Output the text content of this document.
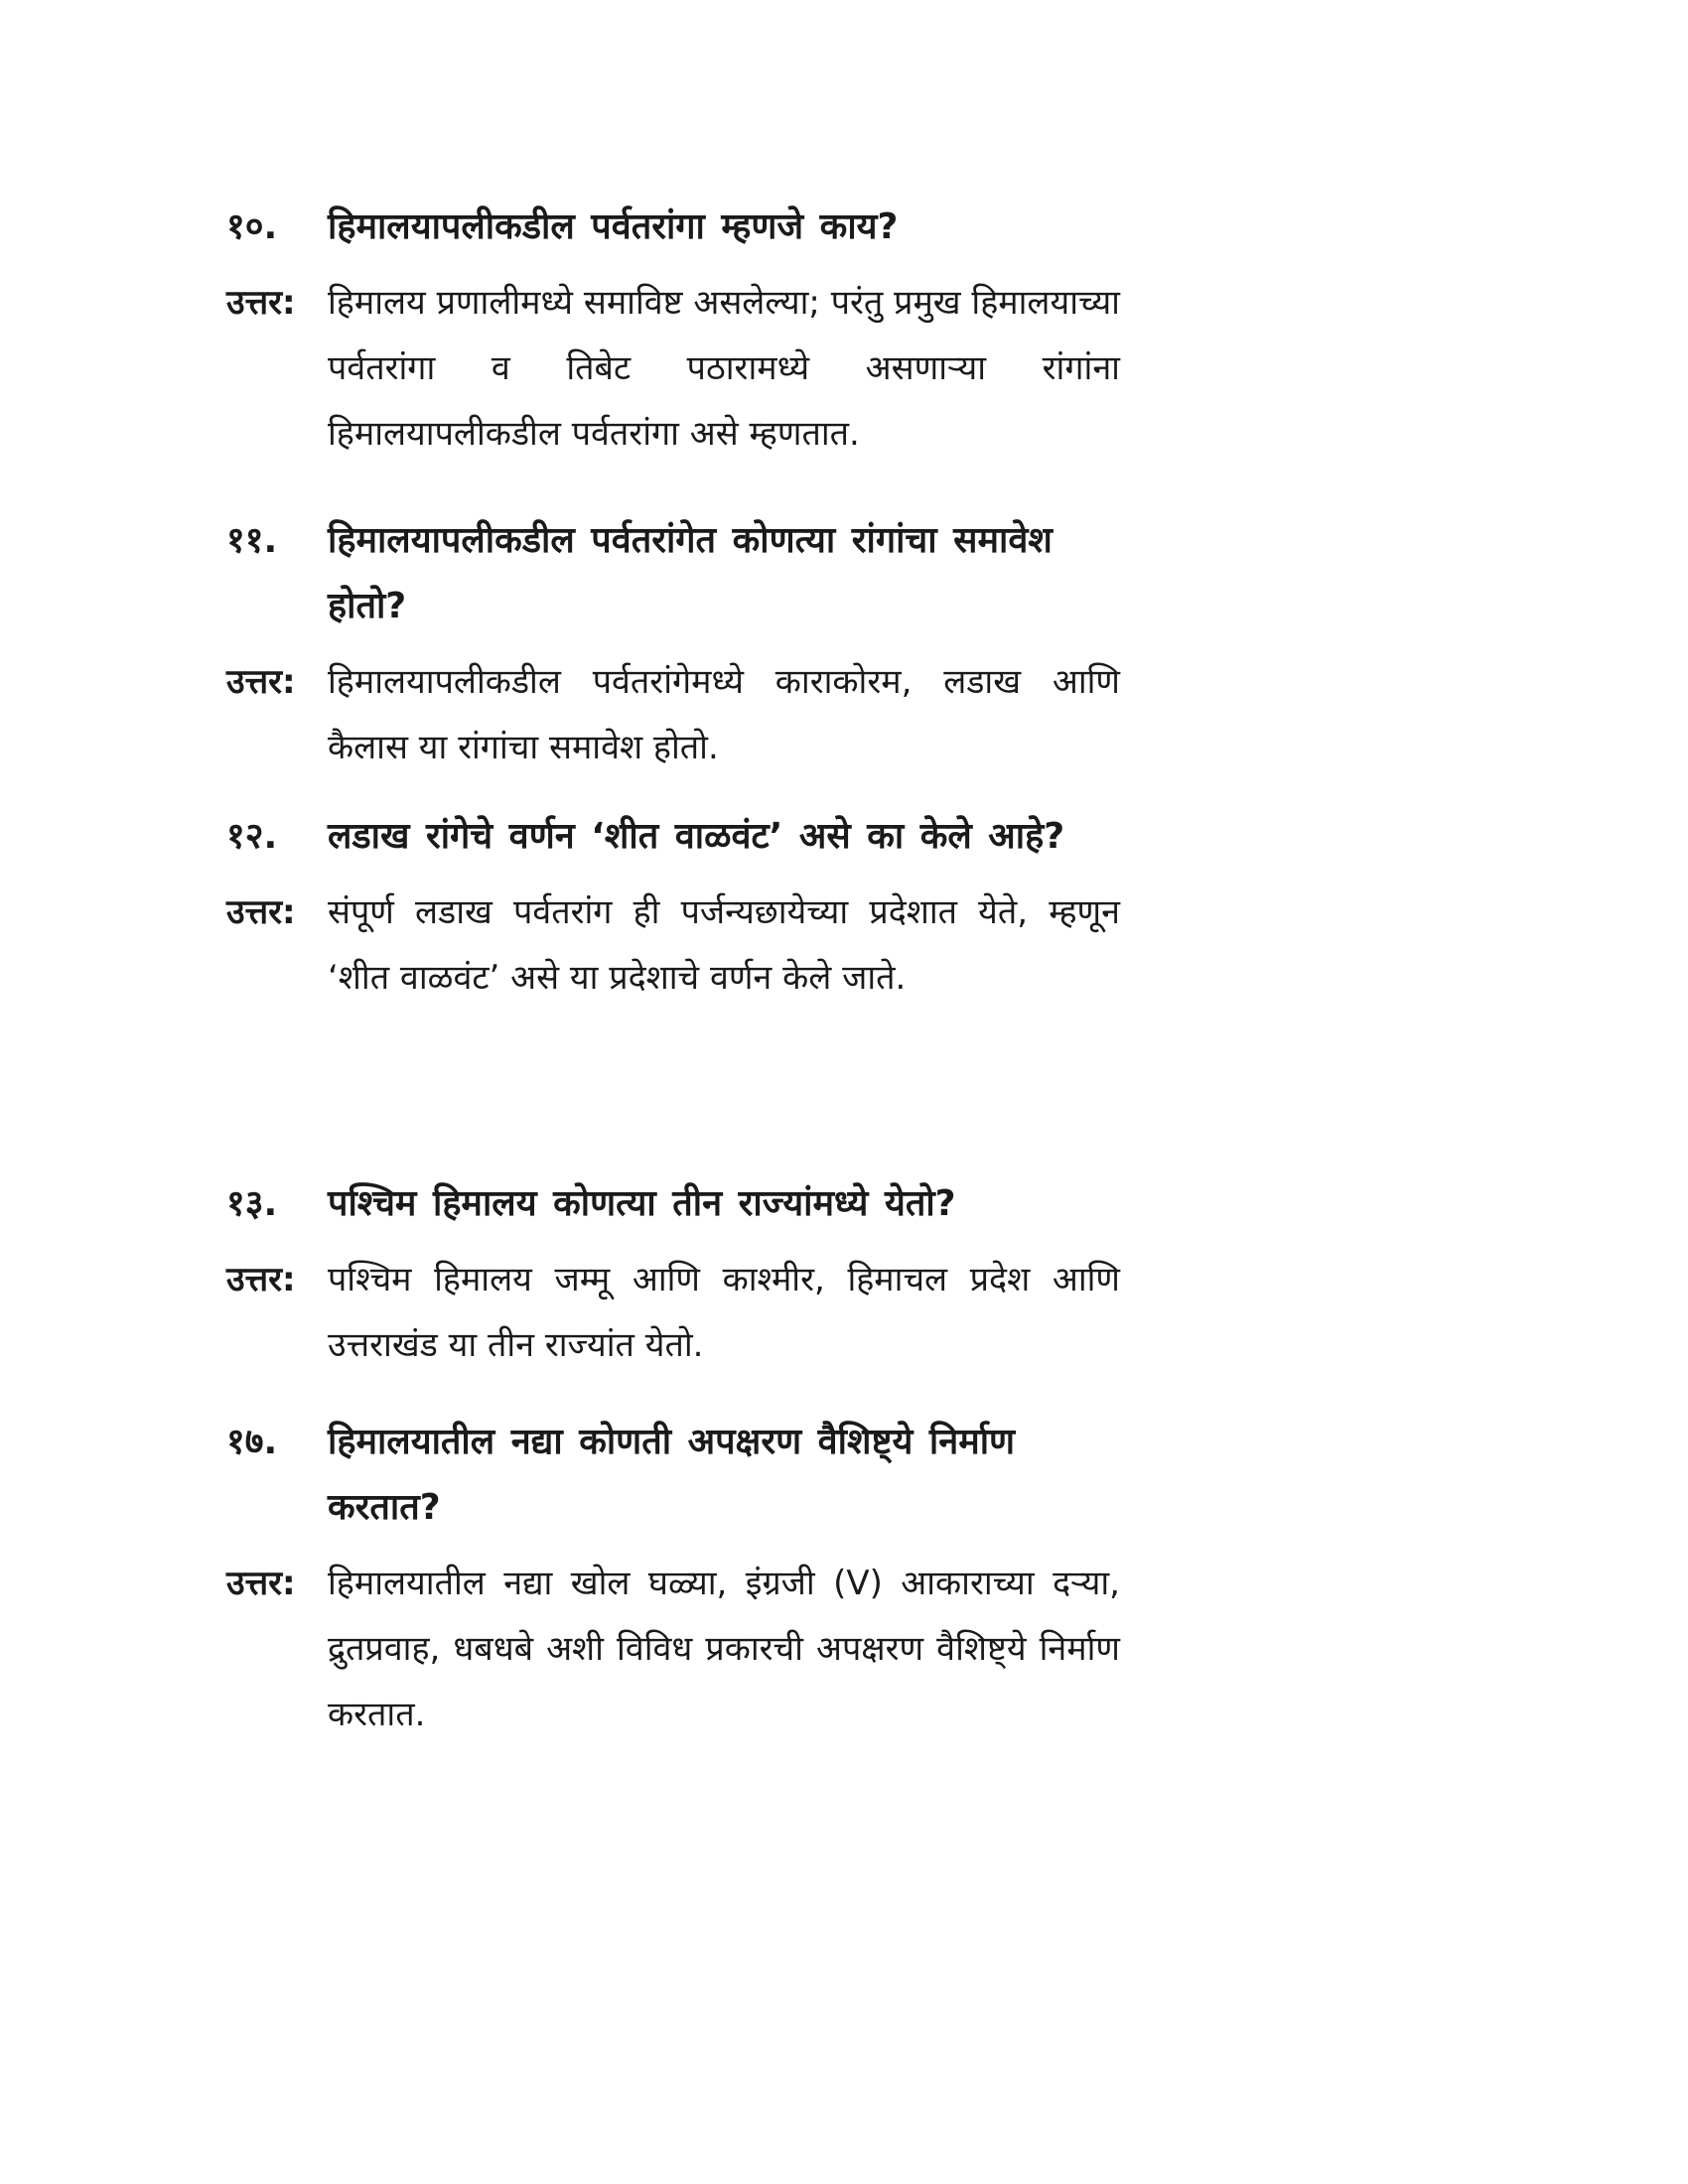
१०.	हिमालयापलीकडील पर्वतरांगा म्हणजे काय?
उत्तर: हिमालय प्रणालीमध्ये समाविष्ट असलेल्या; परंतु प्रमुख हिमालयाच्या पर्वतरांगा व तिबेट पठारामध्ये असणाऱ्या रांगांना हिमालयापलीकडील पर्वतरांगा असे म्हणतात.
११.	हिमालयापलीकडील पर्वतरांगेत कोणत्या रांगांचा समावेश होतो?
उत्तर: हिमालयापलीकडील पर्वतरांगेमध्ये काराकोरम, लडाख आणि कैलास या रांगांचा समावेश होतो.
१२.	लडाख रांगेचे वर्णन ‘शीत वाळवंट’ असे का केले आहे?
उत्तर: संपूर्ण लडाख पर्वतरांग ही पर्जन्यछायेच्या प्रदेशात येते, म्हणून ‘शीत वाळवंट’ असे या प्रदेशाचे वर्णन केले जाते.
१३.	पश्चिम हिमालय कोणत्या तीन राज्यांमध्ये येतो?
उत्तर: पश्चिम हिमालय जम्मू आणि काश्मीर, हिमाचल प्रदेश आणि उत्तराखंड या तीन राज्यांत येतो.
१७.	हिमालयातील नद्या कोणती अपक्षरण वैशिष्ट्ये निर्माण करतात?
उत्तर: हिमालयातील नद्या खोल घळ्या, इंग्रजी (V) आकाराच्या दऱ्या, द्रुतप्रवाह, धबधबे अशी विविध प्रकारची अपक्षरण वैशिष्ट्ये निर्माण करतात.
